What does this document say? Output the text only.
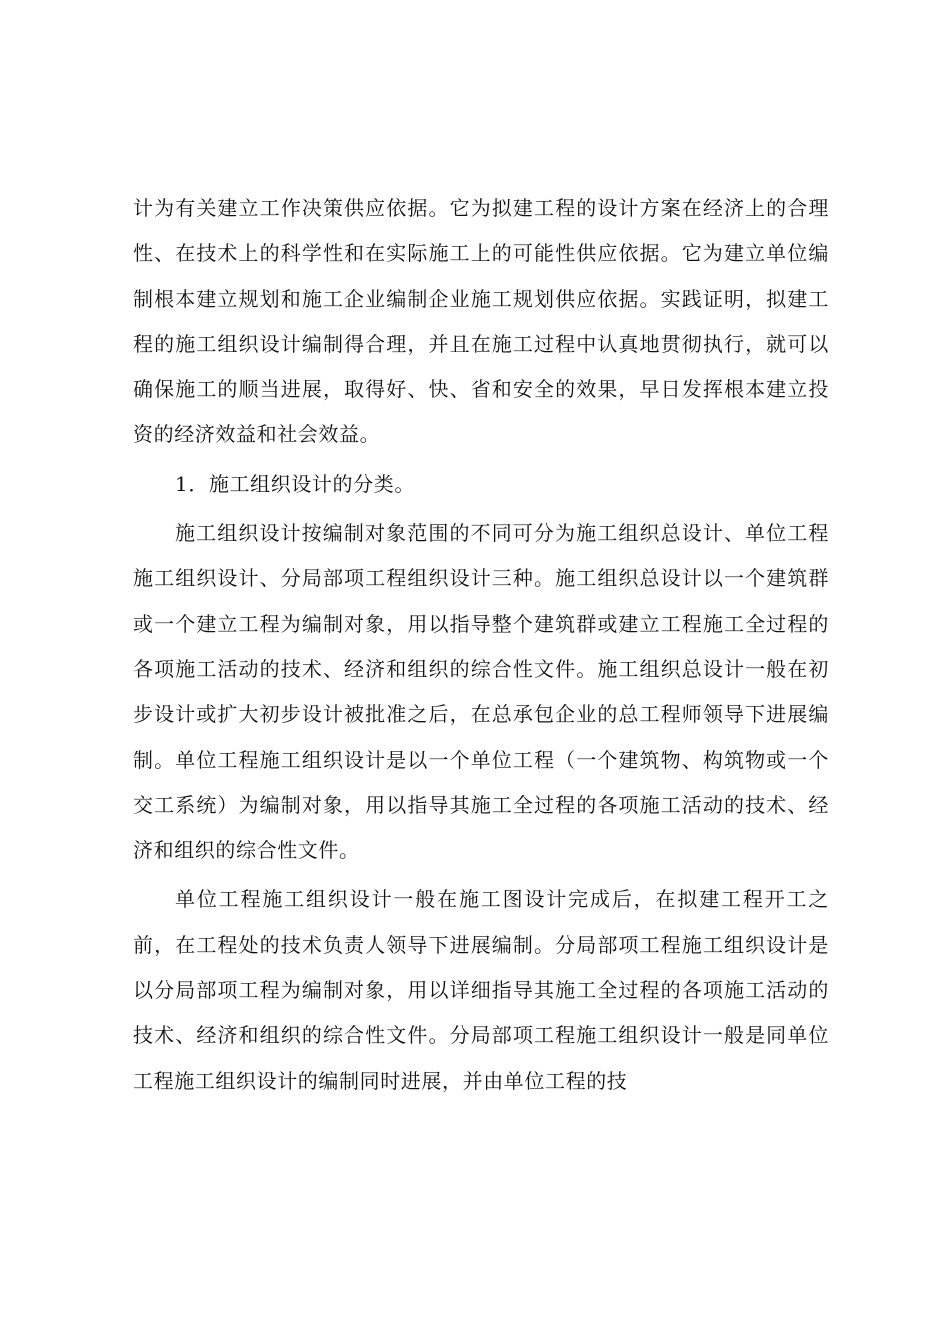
计为有关建立工作决策供应依据。它为拟建工程的设计方案在经济上的合理性、在技术上的科学性和在实际施工上的可能性供应依据。它为建立单位编制根本建立规划和施工企业编制企业施工规划供应依据。实践证明，拟建工程的施工组织设计编制得合理，并且在施工过程中认真地贯彻执行，就可以确保施工的顺当进展，取得好、快、省和安全的效果，早日发挥根本建立投资的经济效益和社会效益。

1．施工组织设计的分类。

施工组织设计按编制对象范围的不同可分为施工组织总设计、单位工程施工组织设计、分局部项工程组织设计三种。施工组织总设计以一个建筑群或一个建立工程为编制对象，用以指导整个建筑群或建立工程施工全过程的各项施工活动的技术、经济和组织的综合性文件。施工组织总设计一般在初步设计或扩大初步设计被批准之后，在总承包企业的总工程师领导下进展编制。单位工程施工组织设计是以一个单位工程（一个建筑物、构筑物或一个交工系统）为编制对象，用以指导其施工全过程的各项施工活动的技术、经济和组织的综合性文件。

单位工程施工组织设计一般在施工图设计完成后，在拟建工程开工之前，在工程处的技术负责人领导下进展编制。分局部项工程施工组织设计是以分局部项工程为编制对象，用以详细指导其施工全过程的各项施工活动的技术、经济和组织的综合性文件。分局部项工程施工组织设计一般是同单位工程施工组织设计的编制同时进展，并由单位工程的技
